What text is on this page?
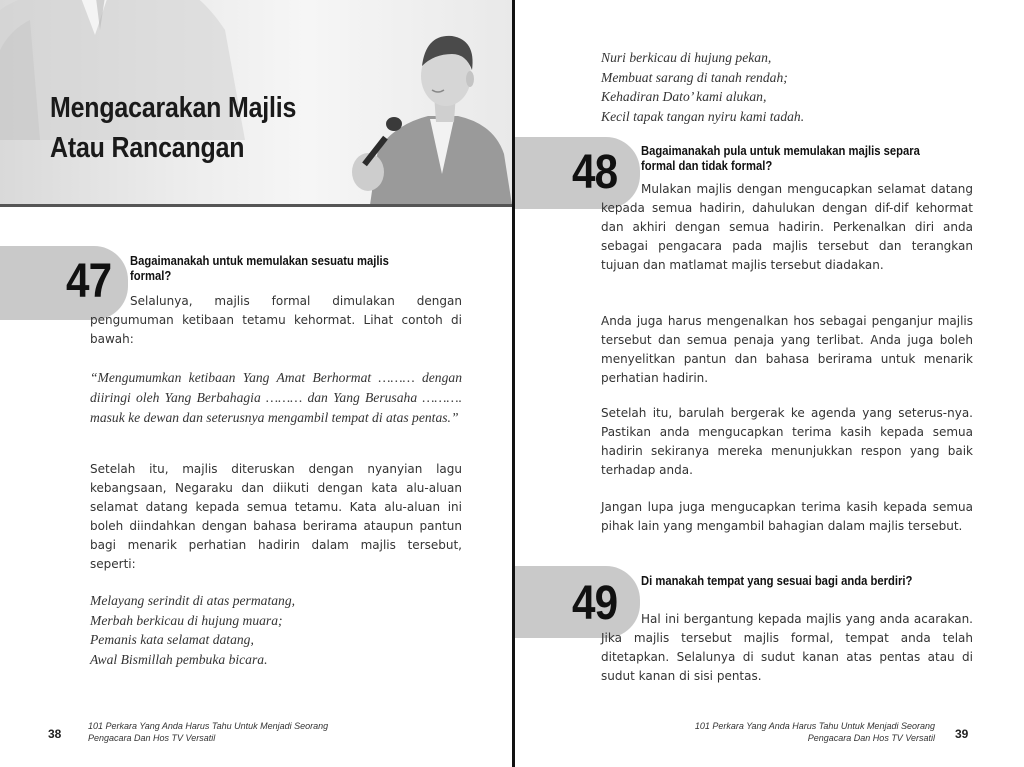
Mengacarakan Majlis
Atau Rancangan
47 Bagaimanakah untuk memulakan sesuatu majlis formal?

Selalunya, majlis formal dimulakan dengan pengumuman ketibaan tetamu kehormat. Lihat contoh di bawah:

“Mengumumkan ketibaan Yang Amat Berhormat ……… dengan diiringi oleh Yang Berbahagia ……… dan Yang Berusaha ………. masuk ke dewan dan seterusnya mengambil tempat di atas pentas.”

Setelah itu, majlis diteruskan dengan nyanyian lagu kebangsaan, Negaraku dan diikuti dengan kata alu-aluan selamat datang kepada semua tetamu. Kata alu-aluan ini boleh diindahkan dengan bahasa berirama ataupun pantun bagi menarik perhatian hadirin dalam majlis tersebut, seperti:

Melayang serindit di atas permatang,
Merbah berkicau di hujung muara;
Pemanis kata selamat datang,
Awal Bismillah pembuka bicara.
38

101 Perkara Yang Anda Harus Tahu Untuk Menjadi Seorang
Pengacara Dan Hos TV Versatil

Nuri berkicau di hujung pekan,
Membuat sarang di tanah rendah;
Kehadiran Dato’ kami alukan,
Kecil tapak tangan nyiru kami tadah.
48 Bagaimanakah pula untuk memulakan majlis separa formal dan tidak formal?

Mulakan majlis dengan mengucapkan selamat datang kepada semua hadirin, dahulukan dengan dif-dif kehormat dan akhiri dengan semua hadirin. Perkenalkan diri anda sebagai pengacara pada majlis tersebut dan terangkan tujuan dan matlamat majlis tersebut diadakan.

Anda juga harus mengenalkan hos sebagai penganjur majlis tersebut dan semua penaja yang terlibat. Anda juga boleh menyelitkan pantun dan bahasa berirama untuk menarik perhatian hadirin.

Setelah itu, barulah bergerak ke agenda yang seterus-nya. Pastikan anda mengucapkan terima kasih kepada semua hadirin sekiranya mereka menunjukkan respon yang baik terhadap anda.

Jangan lupa juga mengucapkan terima kasih kepada semua pihak lain yang mengambil bahagian dalam majlis tersebut.

49 Di manakah tempat yang sesuai bagi anda berdiri?

Hal ini bergantung kepada majlis yang anda acarakan. Jika majlis tersebut majlis formal, tempat anda telah ditetapkan. Selalunya di sudut kanan atas pentas atau di sudut kanan di sisi pentas.

101 Perkara Yang Anda Harus Tahu Untuk Menjadi Seorang
Pengacara Dan Hos TV Versatil 39
